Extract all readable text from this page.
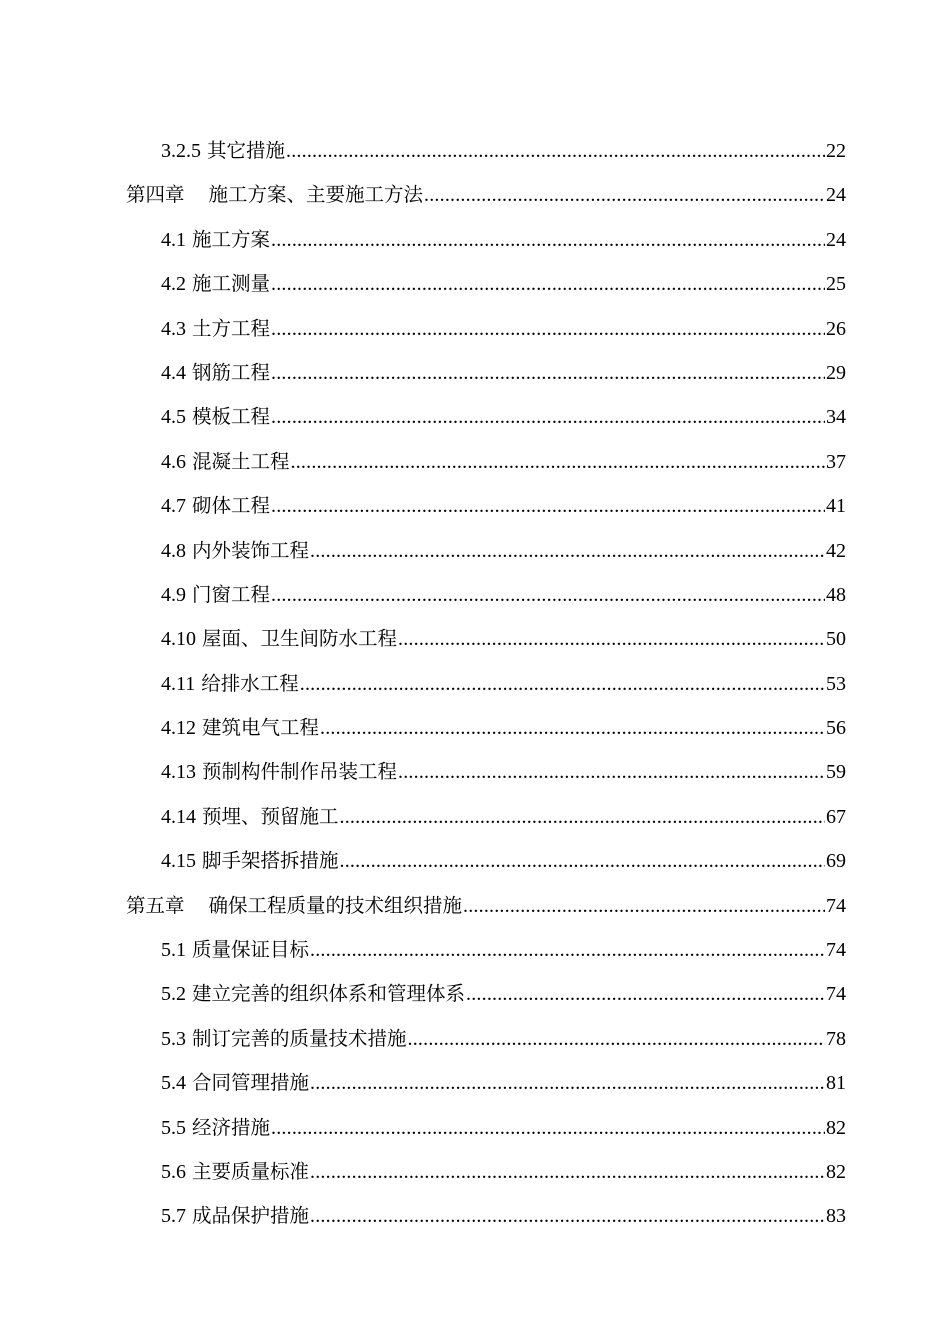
3.2.5 其它措施 .....	22
第四章 施工方案、主要施工方法 .....	24
4.1 施工方案 .....	24
4.2 施工测量 .....	25
4.3 土方工程 .....	26
4.4 钢筋工程 .....	29
4.5 模板工程 .....	34
4.6 混凝土工程 .....	37
4.7 砌体工程 .....	41
4.8 内外装饰工程 .....	42
4.9 门窗工程 .....	48
4.10 屋面、卫生间防水工程 .....	50
4.11 给排水工程 .....	53
4.12 建筑电气工程 .....	56
4.13 预制构件制作吊装工程 .....	59
4.14 预埋、预留施工 .....	67
4.15 脚手架搭拆措施 .....	69
第五章 确保工程质量的技术组织措施 .....	74
5.1 质量保证目标 .....	74
5.2 建立完善的组织体系和管理体系 .....	74
5.3 制订完善的质量技术措施 .....	78
5.4 合同管理措施 .....	81
5.5 经济措施 .....	82
5.6 主要质量标准 .....	82
5.7 成品保护措施 .....	83
